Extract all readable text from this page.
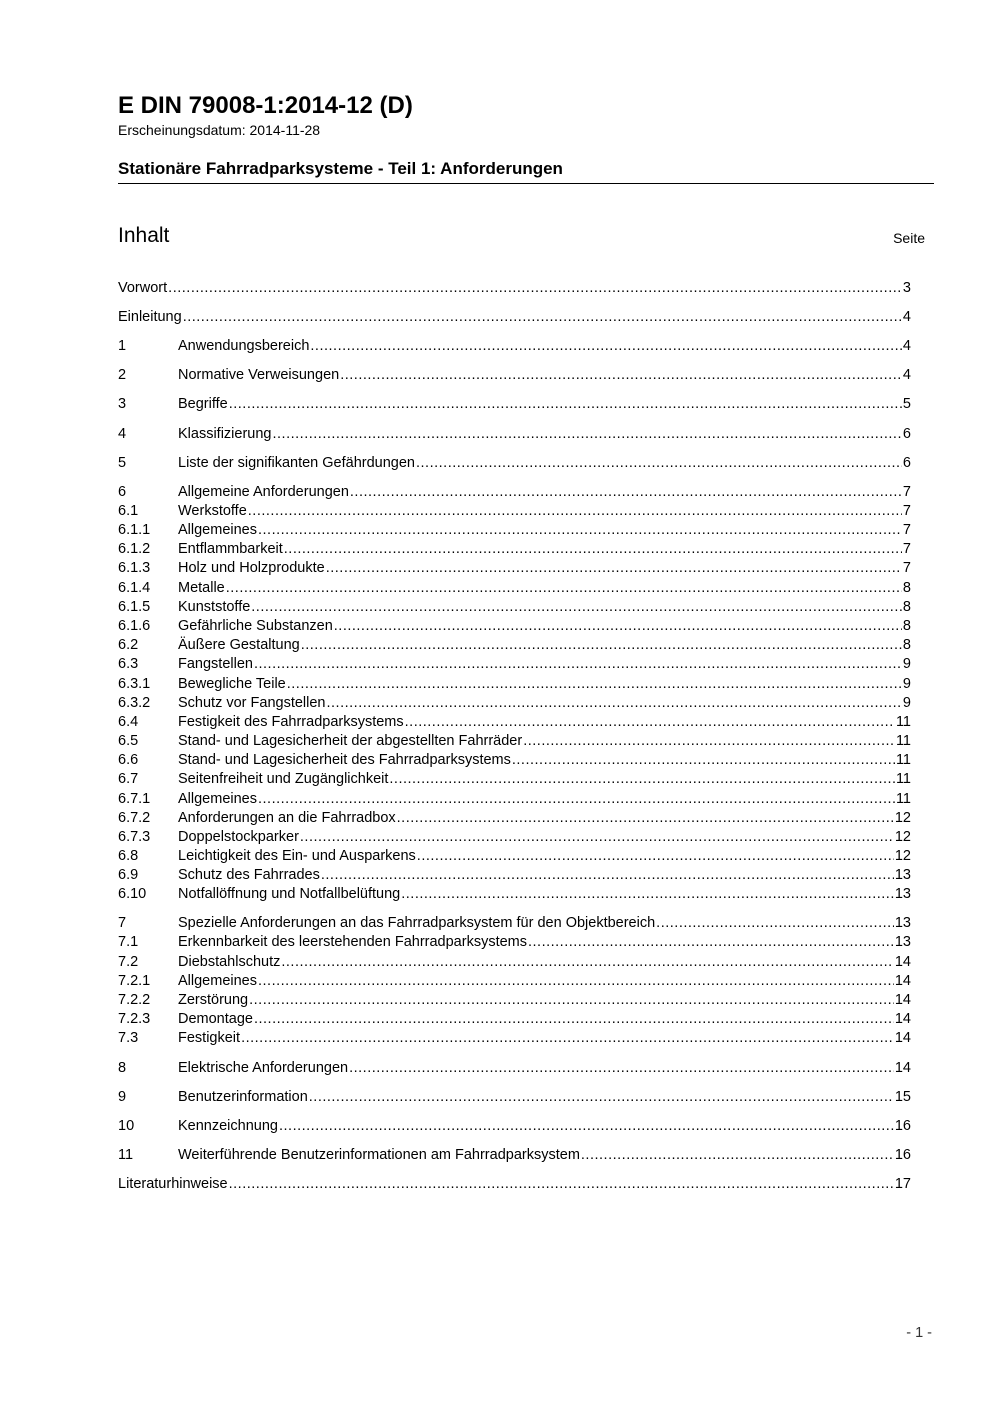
E DIN 79008-1:2014-12 (D)
Erscheinungsdatum: 2014-11-28
Stationäre Fahrradparksysteme - Teil 1: Anforderungen
Inhalt	Seite
Vorwort .....	3
Einleitung .....	4
1	Anwendungsbereich .....	4
2	Normative Verweisungen .....	4
3	Begriffe .....	5
4	Klassifizierung .....	6
5	Liste der signifikanten Gefährdungen .....	6
6	Allgemeine Anforderungen .....	7
6.1	Werkstoffe .....	7
6.1.1	Allgemeines .....	7
6.1.2	Entflammbarkeit .....	7
6.1.3	Holz und Holzprodukte .....	7
6.1.4	Metalle .....	8
6.1.5	Kunststoffe .....	8
6.1.6	Gefährliche Substanzen .....	8
6.2	Äußere Gestaltung .....	8
6.3	Fangstellen .....	9
6.3.1	Bewegliche Teile .....	9
6.3.2	Schutz vor Fangstellen .....	9
6.4	Festigkeit des Fahrradparksystems .....	11
6.5	Stand- und Lagesicherheit der abgestellten Fahrräder .....	11
6.6	Stand- und Lagesicherheit des Fahrradparksystems .....	11
6.7	Seitenfreiheit und Zugänglichkeit .....	11
6.7.1	Allgemeines .....	11
6.7.2	Anforderungen an die Fahrradbox .....	12
6.7.3	Doppelstockparker .....	12
6.8	Leichtigkeit des Ein- und Ausparkens .....	12
6.9	Schutz des Fahrrades .....	13
6.10	Notfallöffnung und Notfallbelüftung .....	13
7	Spezielle Anforderungen an das Fahrradparksystem für den Objektbereich .....	13
7.1	Erkennbarkeit des leerstehenden Fahrradparksystems .....	13
7.2	Diebstahlschutz .....	14
7.2.1	Allgemeines .....	14
7.2.2	Zerstörung .....	14
7.2.3	Demontage .....	14
7.3	Festigkeit .....	14
8	Elektrische Anforderungen .....	14
9	Benutzerinformation .....	15
10	Kennzeichnung .....	16
11	Weiterführende Benutzerinformationen am Fahrradparksystem .....	16
Literaturhinweise .....	17
- 1 -
